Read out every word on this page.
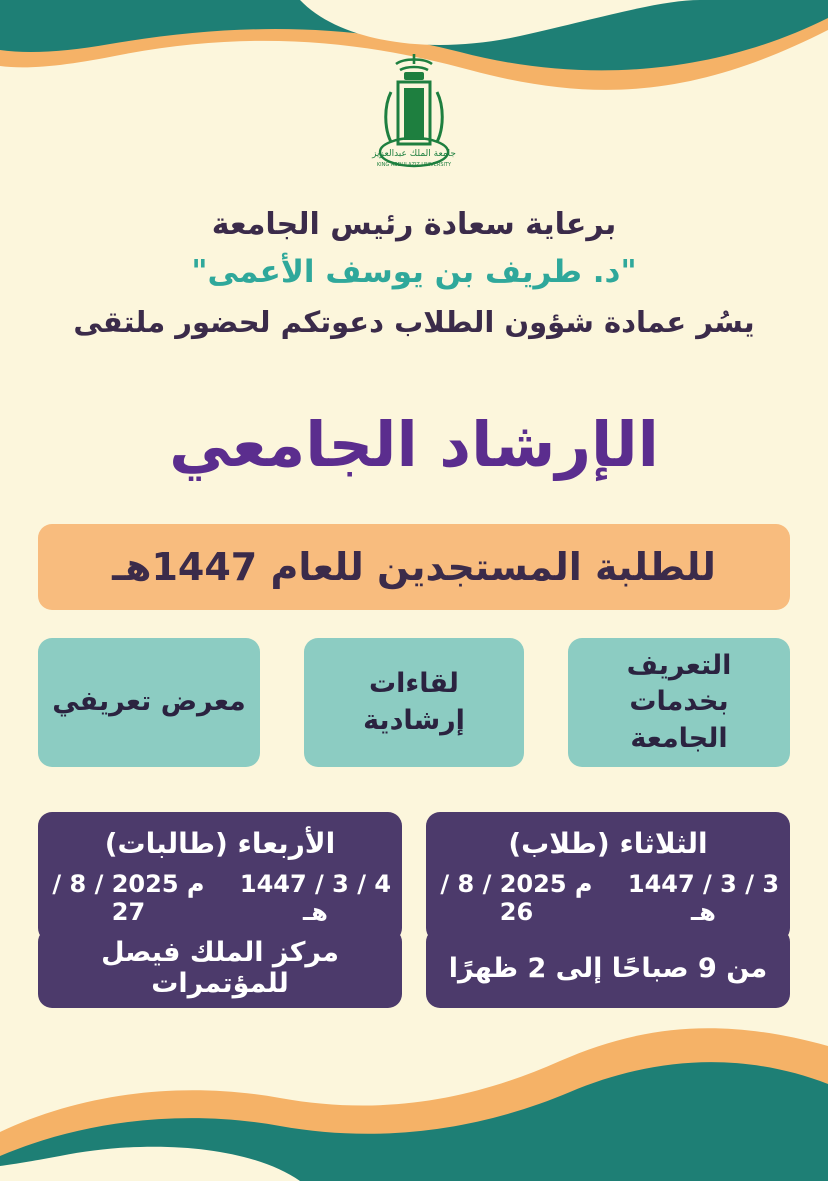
جامعة الملك عبدالعزيز
KING ABDULAZIZ UNIVERSITY
برعاية سعادة رئيس الجامعة
"د. طريف بن يوسف الأعمى"
يسُر عمادة شؤون الطلاب دعوتكم لحضور ملتقى
الإرشاد الجامعي
للطلبة المستجدين للعام 1447هـ
التعريف بخدمات الجامعة
لقاءات إرشادية
معرض تعريفي
الثلاثاء (طلاب)
3 / 3 / 1447 هـ
م 2025 / 8 / 26
الأربعاء (طالبات)
4 / 3 / 1447 هـ
م 2025 / 8 / 27
من 9 صباحًا إلى 2 ظهرًا
مركز الملك فيصل للمؤتمرات
